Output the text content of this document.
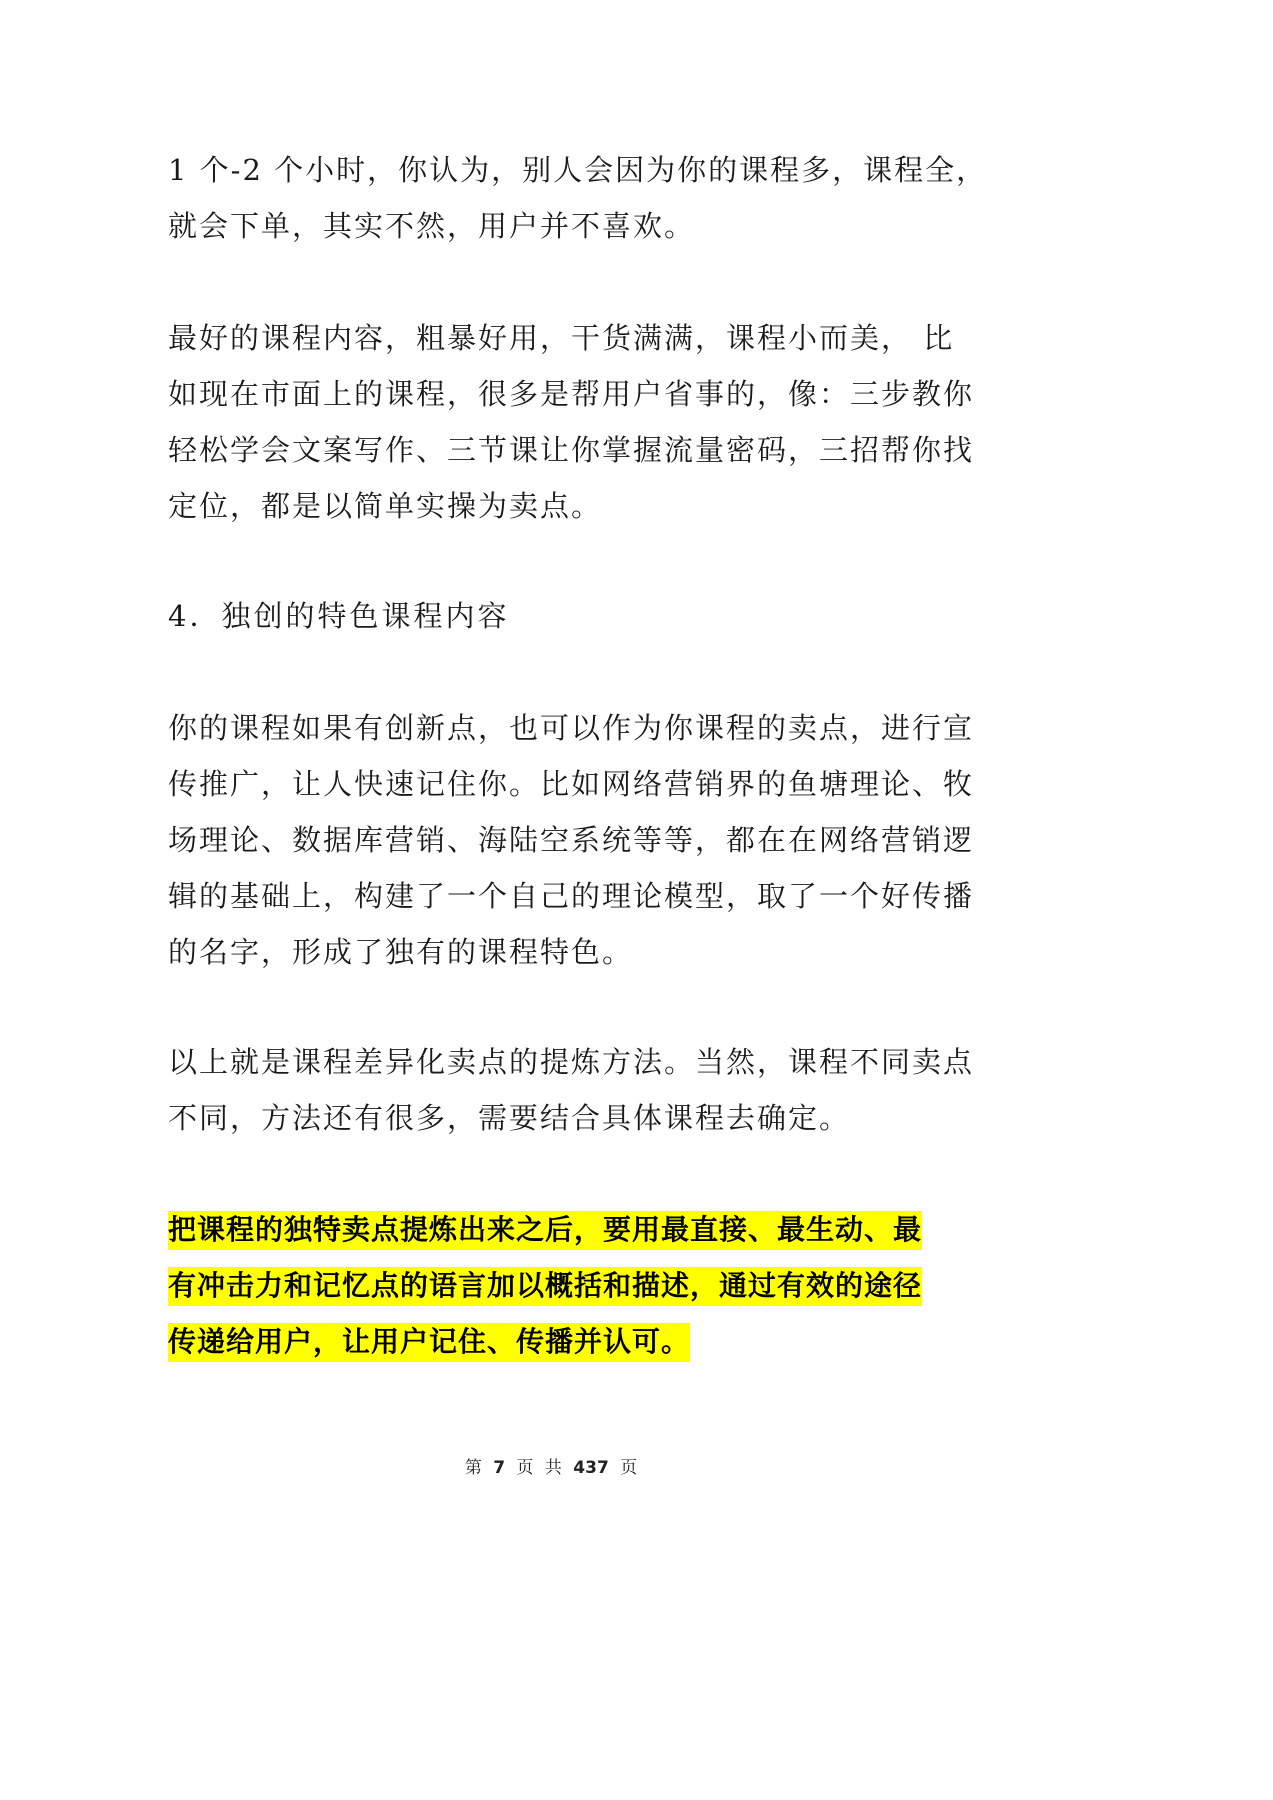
1 个-2 个小时，你认为，别人会因为你的课程多，课程全，
就会下单，其实不然，用户并不喜欢。
最好的课程内容，粗暴好用，干货满满，课程小而美， 比
如现在市面上的课程，很多是帮用户省事的，像：三步教你
轻松学会文案写作、三节课让你掌握流量密码，三招帮你找
定位，都是以简单实操为卖点。
4．独创的特色课程内容
你的课程如果有创新点，也可以作为你课程的卖点，进行宣
传推广，让人快速记住你。比如网络营销界的鱼塘理论、牧
场理论、数据库营销、海陆空系统等等，都在在网络营销逻
辑的基础上，构建了一个自己的理论模型，取了一个好传播
的名字，形成了独有的课程特色。
以上就是课程差异化卖点的提炼方法。当然，课程不同卖点
不同，方法还有很多，需要结合具体课程去确定。
把课程的独特卖点提炼出来之后，要用最直接、最生动、最
有冲击力和记忆点的语言加以概括和描述，通过有效的途径
传递给用户，让用户记住、传播并认可。
第 7 页 共 437 页
